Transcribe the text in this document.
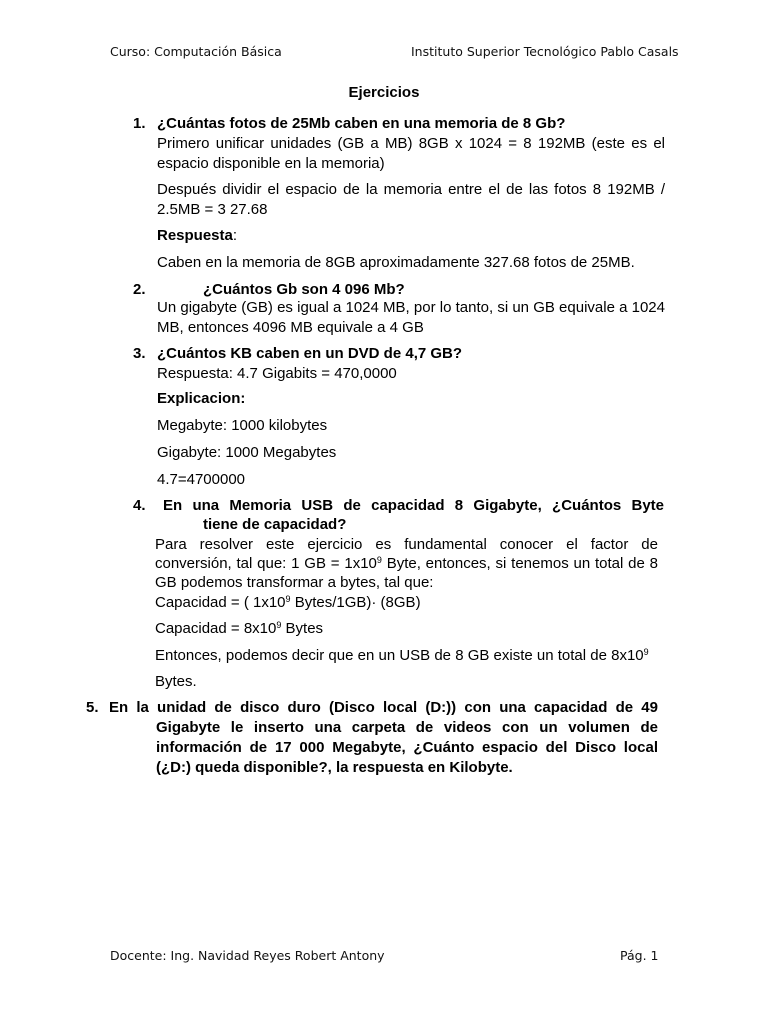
Curso: Computación Básica	Instituto Superior Tecnológico Pablo Casals
Ejercicios
1. ¿Cuántas fotos de 25Mb caben en una memoria de 8 Gb?
Primero unificar unidades (GB a MB) 8GB x 1024 = 8 192MB (este es el espacio disponible en la memoria)
Después dividir el espacio de la memoria entre el de las fotos 8 192MB / 2.5MB = 3 27.68
Respuesta:
Caben en la memoria de 8GB aproximadamente 327.68 fotos de 25MB.
2.	¿Cuántos Gb son 4 096 Mb?
Un gigabyte (GB) es igual a 1024 MB, por lo tanto, si un GB equivale a 1024 MB, entonces 4096 MB equivale a 4 GB
3. ¿Cuántos KB caben en un DVD de 4,7 GB?
Respuesta: 4.7 Gigabits = 470,0000
Explicacion:
Megabyte: 1000 kilobytes
Gigabyte: 1000 Megabytes
4.7=4700000
4. En una Memoria USB de capacidad 8 Gigabyte, ¿Cuántos Byte
tiene de capacidad?
Para resolver este ejercicio es fundamental conocer el factor de conversión, tal que: 1 GB = $1x10^9$ Byte, entonces, si tenemos un total de 8 GB podemos transformar a bytes, tal que:
Capacidad = ( $1x10^9$ Bytes/1GB)· (8GB)
Capacidad = $8x10^9$ Bytes
Entonces, podemos decir que en un USB de 8 GB existe un total de $8x10^9$
Bytes.
5. En la unidad de disco duro (Disco local (D:)) con una capacidad de 49
Gigabyte le inserto una carpeta de videos con un volumen de información de 17 000 Megabyte, ¿Cuánto espacio del Disco local (¿D:) queda disponible?, la respuesta en Kilobyte.
Docente: Ing. Navidad Reyes Robert Antony	Pág. 1
